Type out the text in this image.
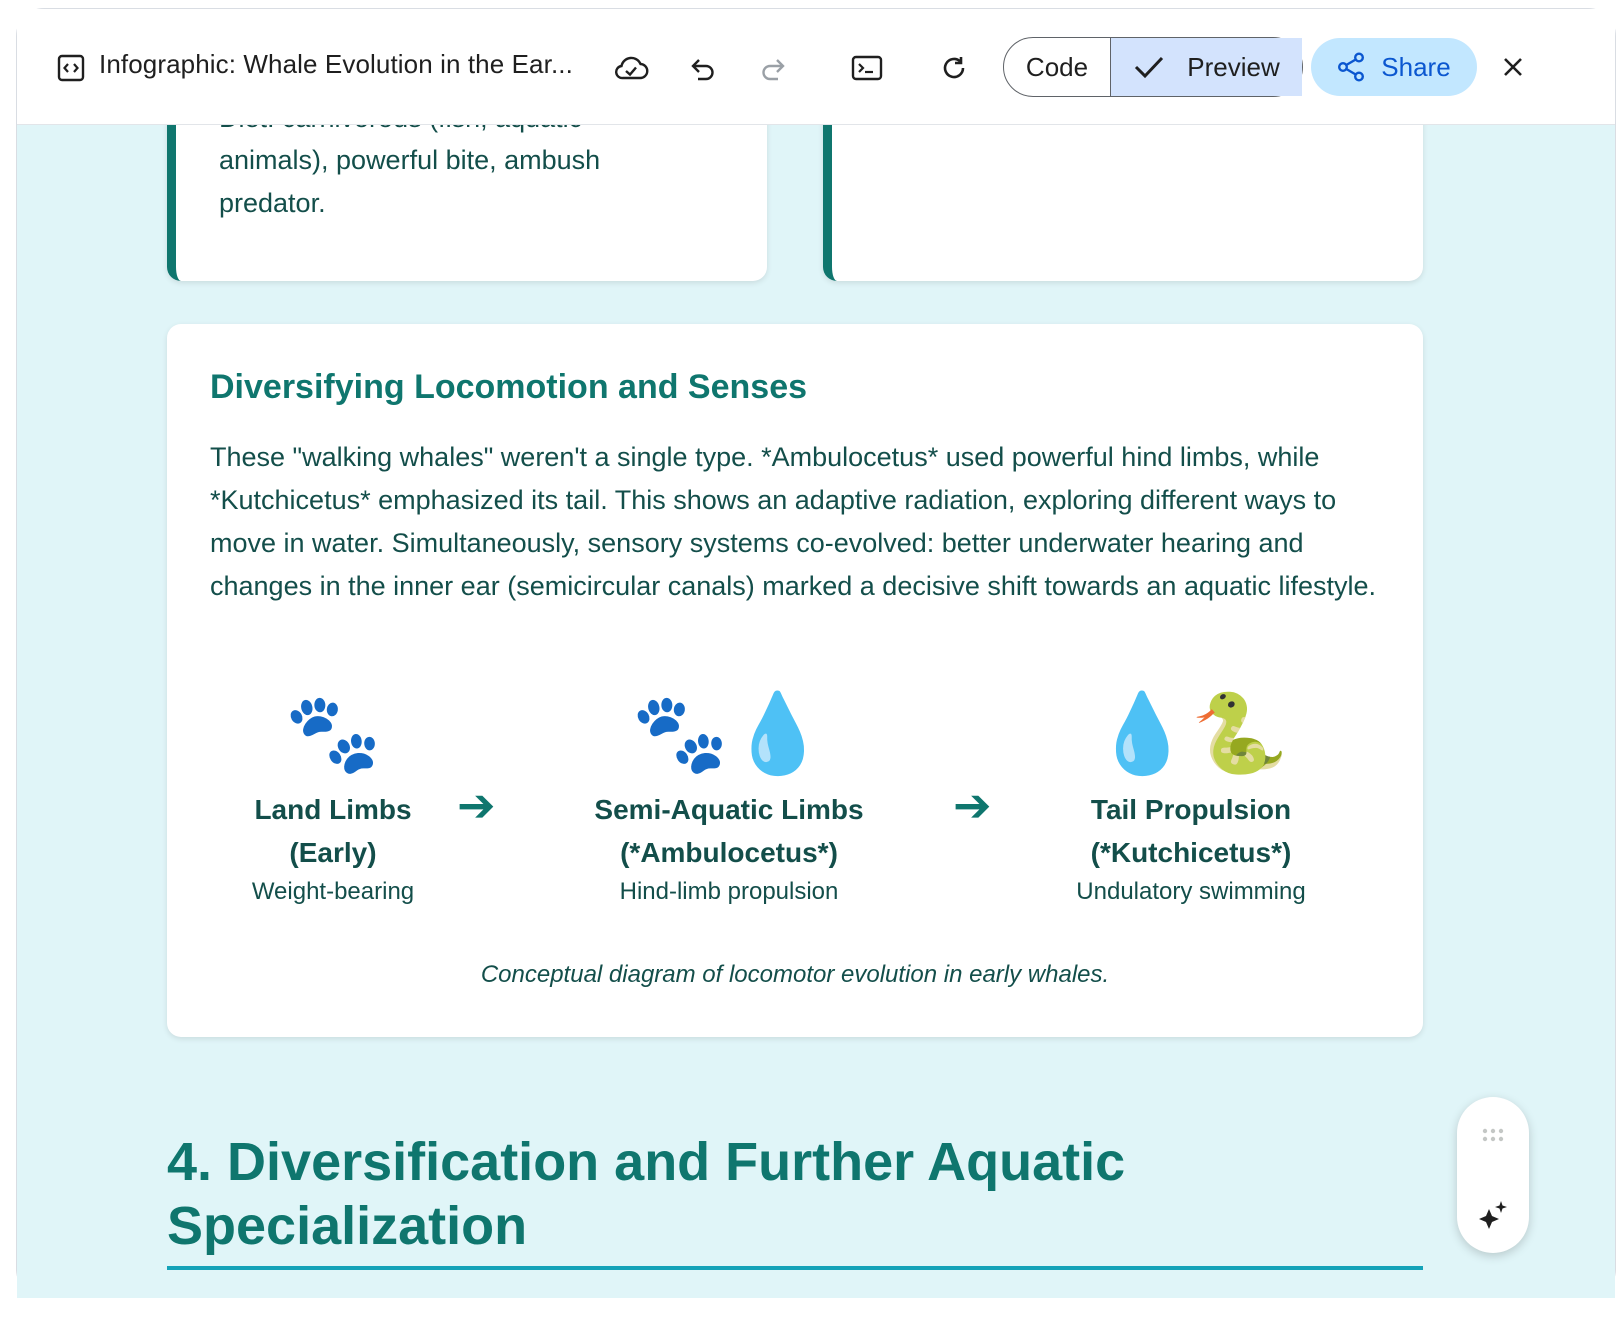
Infographic: Whale Evolution in the Ear...	Code	Preview	Share
animals), powerful bite, ambush predator.
Diversifying Locomotion and Senses

These "walking whales" weren't a single type. *Ambulocetus* used powerful hind limbs, while *Kutchicetus* emphasized its tail. This shows an adaptive radiation, exploring different ways to move in water. Simultaneously, sensory systems co-evolved: better underwater hearing and changes in the inner ear (semicircular canals) marked a decisive shift towards an aquatic lifestyle.

🐾
Land Limbs
(Early)
Weight-bearing
➔
🐾💧
Semi-Aquatic Limbs
(*Ambulocetus*)
Hind-limb propulsion
➔
💧🐍
Tail Propulsion
(*Kutchicetus*)
Undulatory swimming
Conceptual diagram of locomotor evolution in early whales.
4. Diversification and Further Aquatic Specialization
